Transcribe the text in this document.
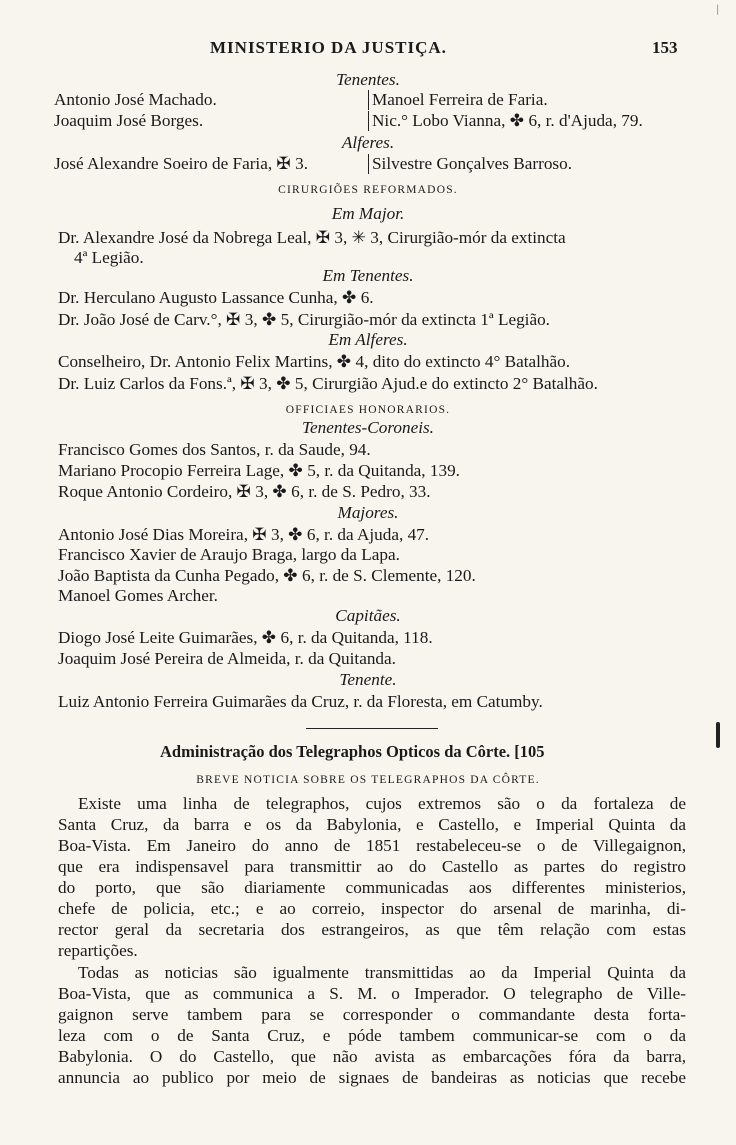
|
MINISTERIO DA JUSTIÇA.	153
Tenentes.
Antonio José Machado.	Manoel Ferreira de Faria.
Joaquim José Borges.	Nic.° Lobo Vianna, ✤ 6, r. d'Ajuda, 79.
Alferes.
José Alexandre Soeiro de Faria, ✠ 3.	Silvestre Gonçalves Barroso.
CIRURGIÕES REFORMADOS.
Em Major.
Dr. Alexandre José da Nobrega Leal, ✠ 3, ✳ 3, Cirurgião-mór da extincta
4ª Legião.
Em Tenentes.
Dr. Herculano Augusto Lassance Cunha, ✤ 6.
Dr. João José de Carv.°, ✠ 3, ✤ 5, Cirurgião-mór da extincta 1ª Legião.
Em Alferes.
Conselheiro, Dr. Antonio Felix Martins, ✤ 4, dito do extincto 4° Batalhão.
Dr. Luiz Carlos da Fons.ª, ✠ 3, ✤ 5, Cirurgião Ajud.e do extincto 2° Batalhão.
OFFICIAES HONORARIOS.
Tenentes-Coroneis.
Francisco Gomes dos Santos, r. da Saude, 94.
Mariano Procopio Ferreira Lage, ✤ 5, r. da Quitanda, 139.
Roque Antonio Cordeiro, ✠ 3, ✤ 6, r. de S. Pedro, 33.
Majores.
Antonio José Dias Moreira, ✠ 3, ✤ 6, r. da Ajuda, 47.
Francisco Xavier de Araujo Braga, largo da Lapa.
João Baptista da Cunha Pegado, ✤ 6, r. de S. Clemente, 120.
Manoel Gomes Archer.
Capitães.
Diogo José Leite Guimarães, ✤ 6, r. da Quitanda, 118.
Joaquim José Pereira de Almeida, r. da Quitanda.
Tenente.
Luiz Antonio Ferreira Guimarães da Cruz, r. da Floresta, em Catumby.
Administração dos Telegraphos Opticos da Côrte. [105
BREVE NOTICIA SOBRE OS TELEGRAPHOS DA CÔRTE.
Existe uma linha de telegraphos, cujos extremos são o da fortaleza de
Santa Cruz, da barra e os da Babylonia, e Castello, e Imperial Quinta da
Boa-Vista. Em Janeiro do anno de 1851 restabeleceu-se o de Villegaignon,
que era indispensavel para transmittir ao do Castello as partes do registro
do porto, que são diariamente communicadas aos differentes ministerios,
chefe de policia, etc.; e ao correio, inspector do arsenal de marinha, di-
rector geral da secretaria dos estrangeiros, as que têm relação com estas
repartições.
Todas as noticias são igualmente transmittidas ao da Imperial Quinta da
Boa-Vista, que as communica a S. M. o Imperador. O telegrapho de Ville-
gaignon serve tambem para se corresponder o commandante desta forta-
leza com o de Santa Cruz, e póde tambem communicar-se com o da
Babylonia. O do Castello, que não avista as embarcações fóra da barra,
annuncia ao publico por meio de signaes de bandeiras as noticias que recebe
